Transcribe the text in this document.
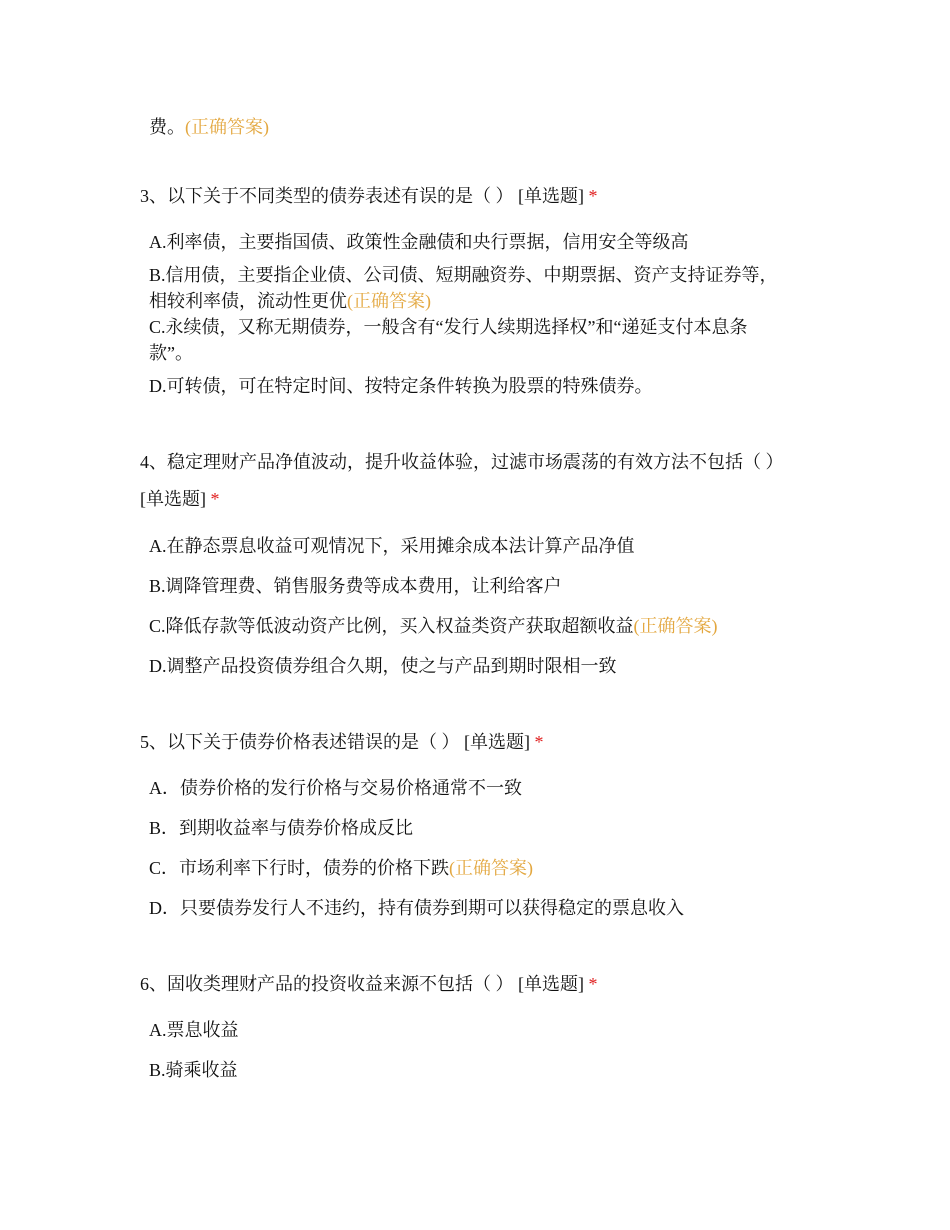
费。(正确答案)
3、以下关于不同类型的债券表述有误的是（ ） [单选题] *
A.利率债，主要指国债、政策性金融债和央行票据，信用安全等级高
B.信用债，主要指企业债、公司债、短期融资券、中期票据、资产支持证券等，
相较利率债，流动性更优(正确答案)
C.永续债，又称无期债券，一般含有“发行人续期选择权”和“递延支付本息条
款”。
D.可转债，可在特定时间、按特定条件转换为股票的特殊债券。
4、稳定理财产品净值波动，提升收益体验，过滤市场震荡的有效方法不包括（ ）
[单选题] *
A.在静态票息收益可观情况下，采用摊余成本法计算产品净值
B.调降管理费、销售服务费等成本费用，让利给客户
C.降低存款等低波动资产比例，买入权益类资产获取超额收益(正确答案)
D.调整产品投资债券组合久期，使之与产品到期时限相一致
5、以下关于债券价格表述错误的是（ ） [单选题] *
A．债券价格的发行价格与交易价格通常不一致
B．到期收益率与债券价格成反比
C．市场利率下行时，债券的价格下跌(正确答案)
D．只要债券发行人不违约，持有债券到期可以获得稳定的票息收入
6、固收类理财产品的投资收益来源不包括（ ） [单选题] *
A.票息收益
B.骑乘收益
